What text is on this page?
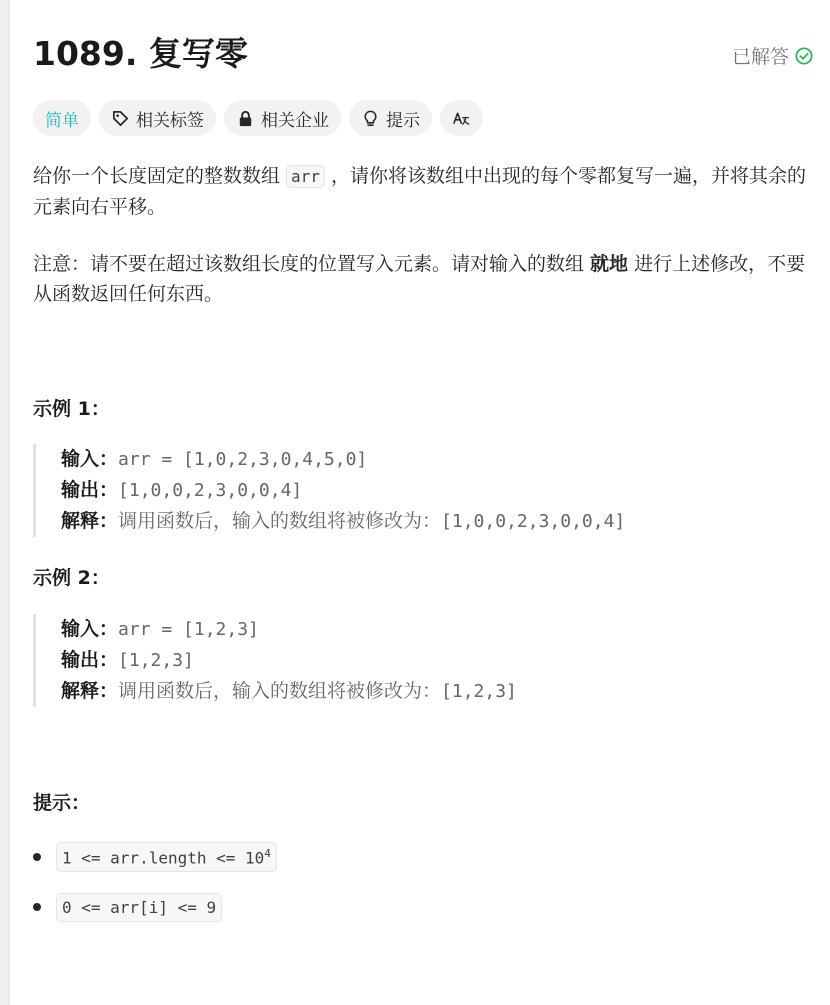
1089. 复写零	已解答
简单	相关标签	相关企业	提示
给你一个长度固定的整数数组 arr ，请你将该数组中出现的每个零都复写一遍，并将其余的元素向右平移。
注意：请不要在超过该数组长度的位置写入元素。请对输入的数组 就地 进行上述修改，不要从函数返回任何东西。
示例 1：
输入：arr = [1,0,2,3,0,4,5,0]
输出：[1,0,0,2,3,0,0,4]
解释：调用函数后，输入的数组将被修改为：[1,0,0,2,3,0,0,4]
示例 2：
输入：arr = [1,2,3]
输出：[1,2,3]
解释：调用函数后，输入的数组将被修改为：[1,2,3]
提示：
1 <= arr.length <= $10^4$
0 <= arr[i] <= 9
